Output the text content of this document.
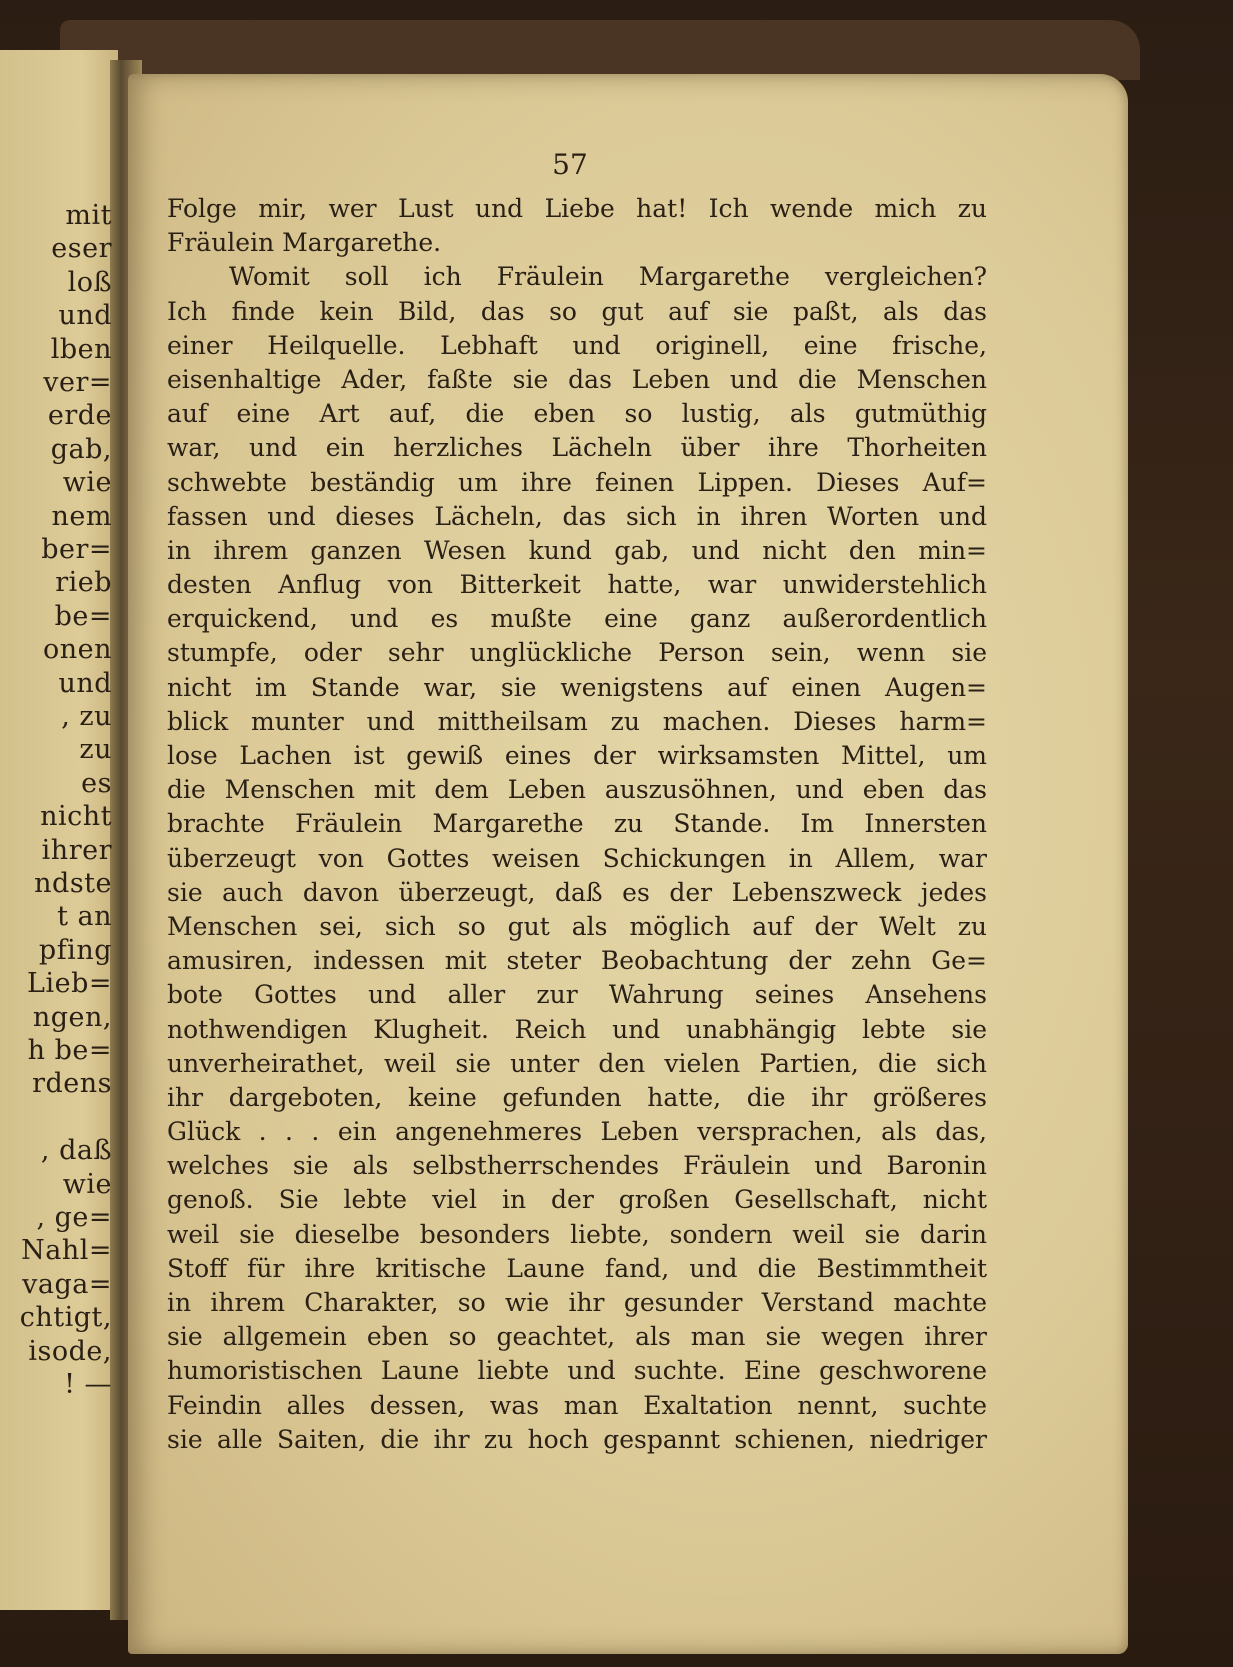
57
Folge mir, wer Lust und Liebe hat! Ich wende mich zu
Fräulein Margarethe.
Womit soll ich Fräulein Margarethe vergleichen?
Ich finde kein Bild, das so gut auf sie paßt, als das
einer Heilquelle. Lebhaft und originell, eine frische,
eisenhaltige Ader, faßte sie das Leben und die Menschen
auf eine Art auf, die eben so lustig, als gutmüthig
war, und ein herzliches Lächeln über ihre Thorheiten
schwebte beständig um ihre feinen Lippen. Dieses Auf=
fassen und dieses Lächeln, das sich in ihren Worten und
in ihrem ganzen Wesen kund gab, und nicht den min=
desten Anflug von Bitterkeit hatte, war unwiderstehlich
erquickend, und es mußte eine ganz außerordentlich
stumpfe, oder sehr unglückliche Person sein, wenn sie
nicht im Stande war, sie wenigstens auf einen Augen=
blick munter und mittheilsam zu machen. Dieses harm=
lose Lachen ist gewiß eines der wirksamsten Mittel, um
die Menschen mit dem Leben auszusöhnen, und eben das
brachte Fräulein Margarethe zu Stande. Im Innersten
überzeugt von Gottes weisen Schickungen in Allem, war
sie auch davon überzeugt, daß es der Lebenszweck jedes
Menschen sei, sich so gut als möglich auf der Welt zu
amusiren, indessen mit steter Beobachtung der zehn Ge=
bote Gottes und aller zur Wahrung seines Ansehens
nothwendigen Klugheit. Reich und unabhängig lebte sie
unverheirathet, weil sie unter den vielen Partien, die sich
ihr dargeboten, keine gefunden hatte, die ihr größeres
Glück . . . ein angenehmeres Leben versprachen, als das,
welches sie als selbstherrschendes Fräulein und Baronin
genoß. Sie lebte viel in der großen Gesellschaft, nicht
weil sie dieselbe besonders liebte, sondern weil sie darin
Stoff für ihre kritische Laune fand, und die Bestimmtheit
in ihrem Charakter, so wie ihr gesunder Verstand machte
sie allgemein eben so geachtet, als man sie wegen ihrer
humoristischen Laune liebte und suchte. Eine geschworene
Feindin alles dessen, was man Exaltation nennt, suchte
sie alle Saiten, die ihr zu hoch gespannt schienen, niedriger
mit
eser
loß
und
lben
ver=
erde
gab,
wie
nem
ber=
rieb
be=
onen
und
, zu
zu
es
nicht
ihrer
ndste
t an
pfing
Lieb=
ngen,
h be=
rdens
, daß
wie
, ge=
Nahl=
vaga=
chtigt,
isode,
! —
